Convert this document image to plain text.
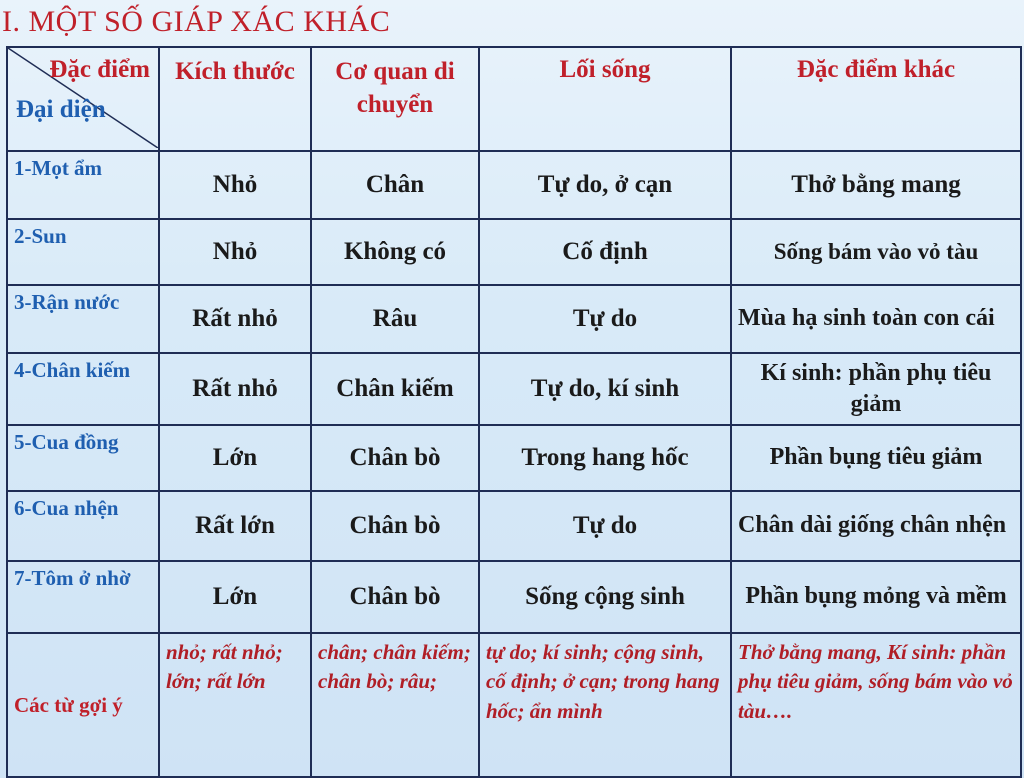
I. MỘT SỐ GIÁP XÁC KHÁC
Đặc điểm
Đại diện	Kích thước	Cơ quan di chuyển	Lối sống	Đặc điểm khác
1-Mọt ẩm	Nhỏ	Chân	Tự do, ở cạn	Thở bằng mang
2-Sun	Nhỏ	Không có	Cố định	Sống bám vào vỏ tàu
3-Rận nước	Rất nhỏ	Râu	Tự do	Mùa hạ sinh toàn con cái
4-Chân kiếm	Rất nhỏ	Chân kiếm	Tự do, kí sinh	Kí sinh: phần phụ tiêu giảm
5-Cua đồng	Lớn	Chân bò	Trong hang hốc	Phần bụng tiêu giảm
6-Cua nhện	Rất lớn	Chân bò	Tự do	Chân dài giống chân nhện
7-Tôm ở nhờ	Lớn	Chân bò	Sống cộng sinh	Phần bụng mỏng và mềm
Các từ gợi ý	nhỏ; rất nhỏ; lớn; rất lớn	chân; chân kiếm; chân bò; râu;	tự do; kí sinh; cộng sinh, cố định; ở cạn; trong hang hốc; ẩn mình	Thở bằng mang, Kí sinh: phần phụ tiêu giảm, sống bám vào vỏ tàu….
